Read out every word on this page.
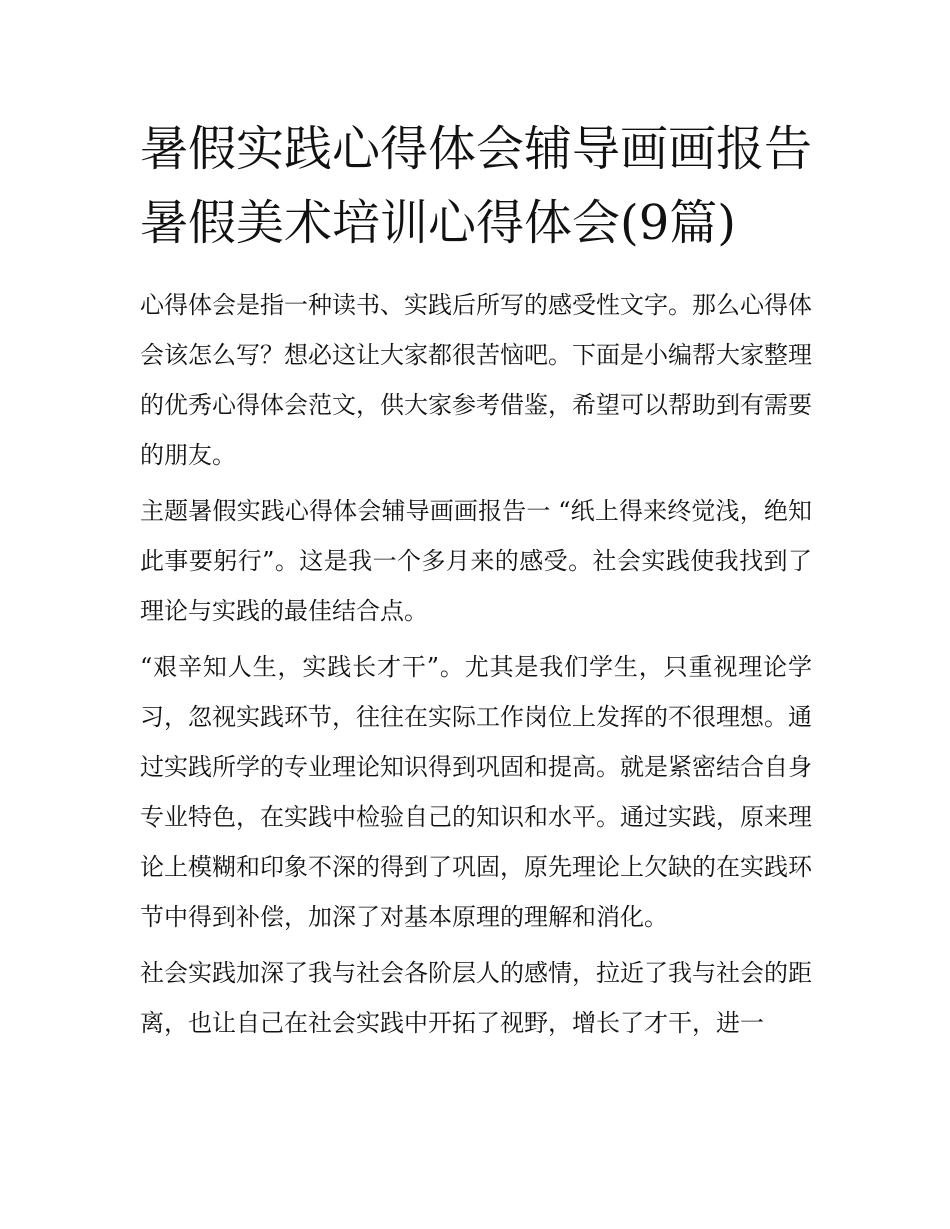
暑假实践心得体会辅导画画报告 暑假美术培训心得体会(9篇)

心得体会是指一种读书、实践后所写的感受性文字。那么心得体会该怎么写？想必这让大家都很苦恼吧。下面是小编帮大家整理的优秀心得体会范文，供大家参考借鉴，希望可以帮助到有需要的朋友。

主题暑假实践心得体会辅导画画报告一 “纸上得来终觉浅，绝知此事要躬行”。这是我一个多月来的感受。社会实践使我找到了理论与实践的最佳结合点。

“艰辛知人生，实践长才干”。尤其是我们学生，只重视理论学习，忽视实践环节，往往在实际工作岗位上发挥的不很理想。通过实践所学的专业理论知识得到巩固和提高。就是紧密结合自身专业特色，在实践中检验自己的知识和水平。通过实践，原来理论上模糊和印象不深的得到了巩固，原先理论上欠缺的在实践环节中得到补偿，加深了对基本原理的理解和消化。

社会实践加深了我与社会各阶层人的感情，拉近了我与社会的距离，也让自己在社会实践中开拓了视野，增长了才干，进一
